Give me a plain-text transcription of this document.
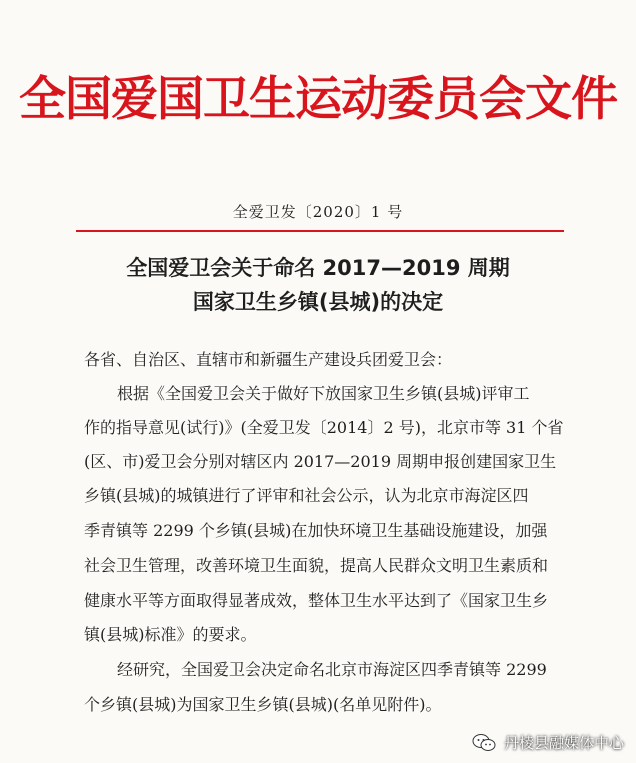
全国爱国卫生运动委员会文件
全爱卫发〔2020〕1 号
全国爱卫会关于命名 2017—2019 周期
国家卫生乡镇(县城)的决定
各省、自治区、直辖市和新疆生产建设兵团爱卫会：
根据《全国爱卫会关于做好下放国家卫生乡镇(县城)评审工
作的指导意见(试行)》(全爱卫发〔2014〕2 号)，北京市等 31 个省
(区、市)爱卫会分别对辖区内 2017—2019 周期申报创建国家卫生
乡镇(县城)的城镇进行了评审和社会公示，认为北京市海淀区四
季青镇等 2299 个乡镇(县城)在加快环境卫生基础设施建设，加强
社会卫生管理，改善环境卫生面貌，提高人民群众文明卫生素质和
健康水平等方面取得显著成效，整体卫生水平达到了《国家卫生乡
镇(县城)标准》的要求。
经研究，全国爱卫会决定命名北京市海淀区四季青镇等 2299
个乡镇(县城)为国家卫生乡镇(县城)(名单见附件)。
丹棱县融媒体中心
